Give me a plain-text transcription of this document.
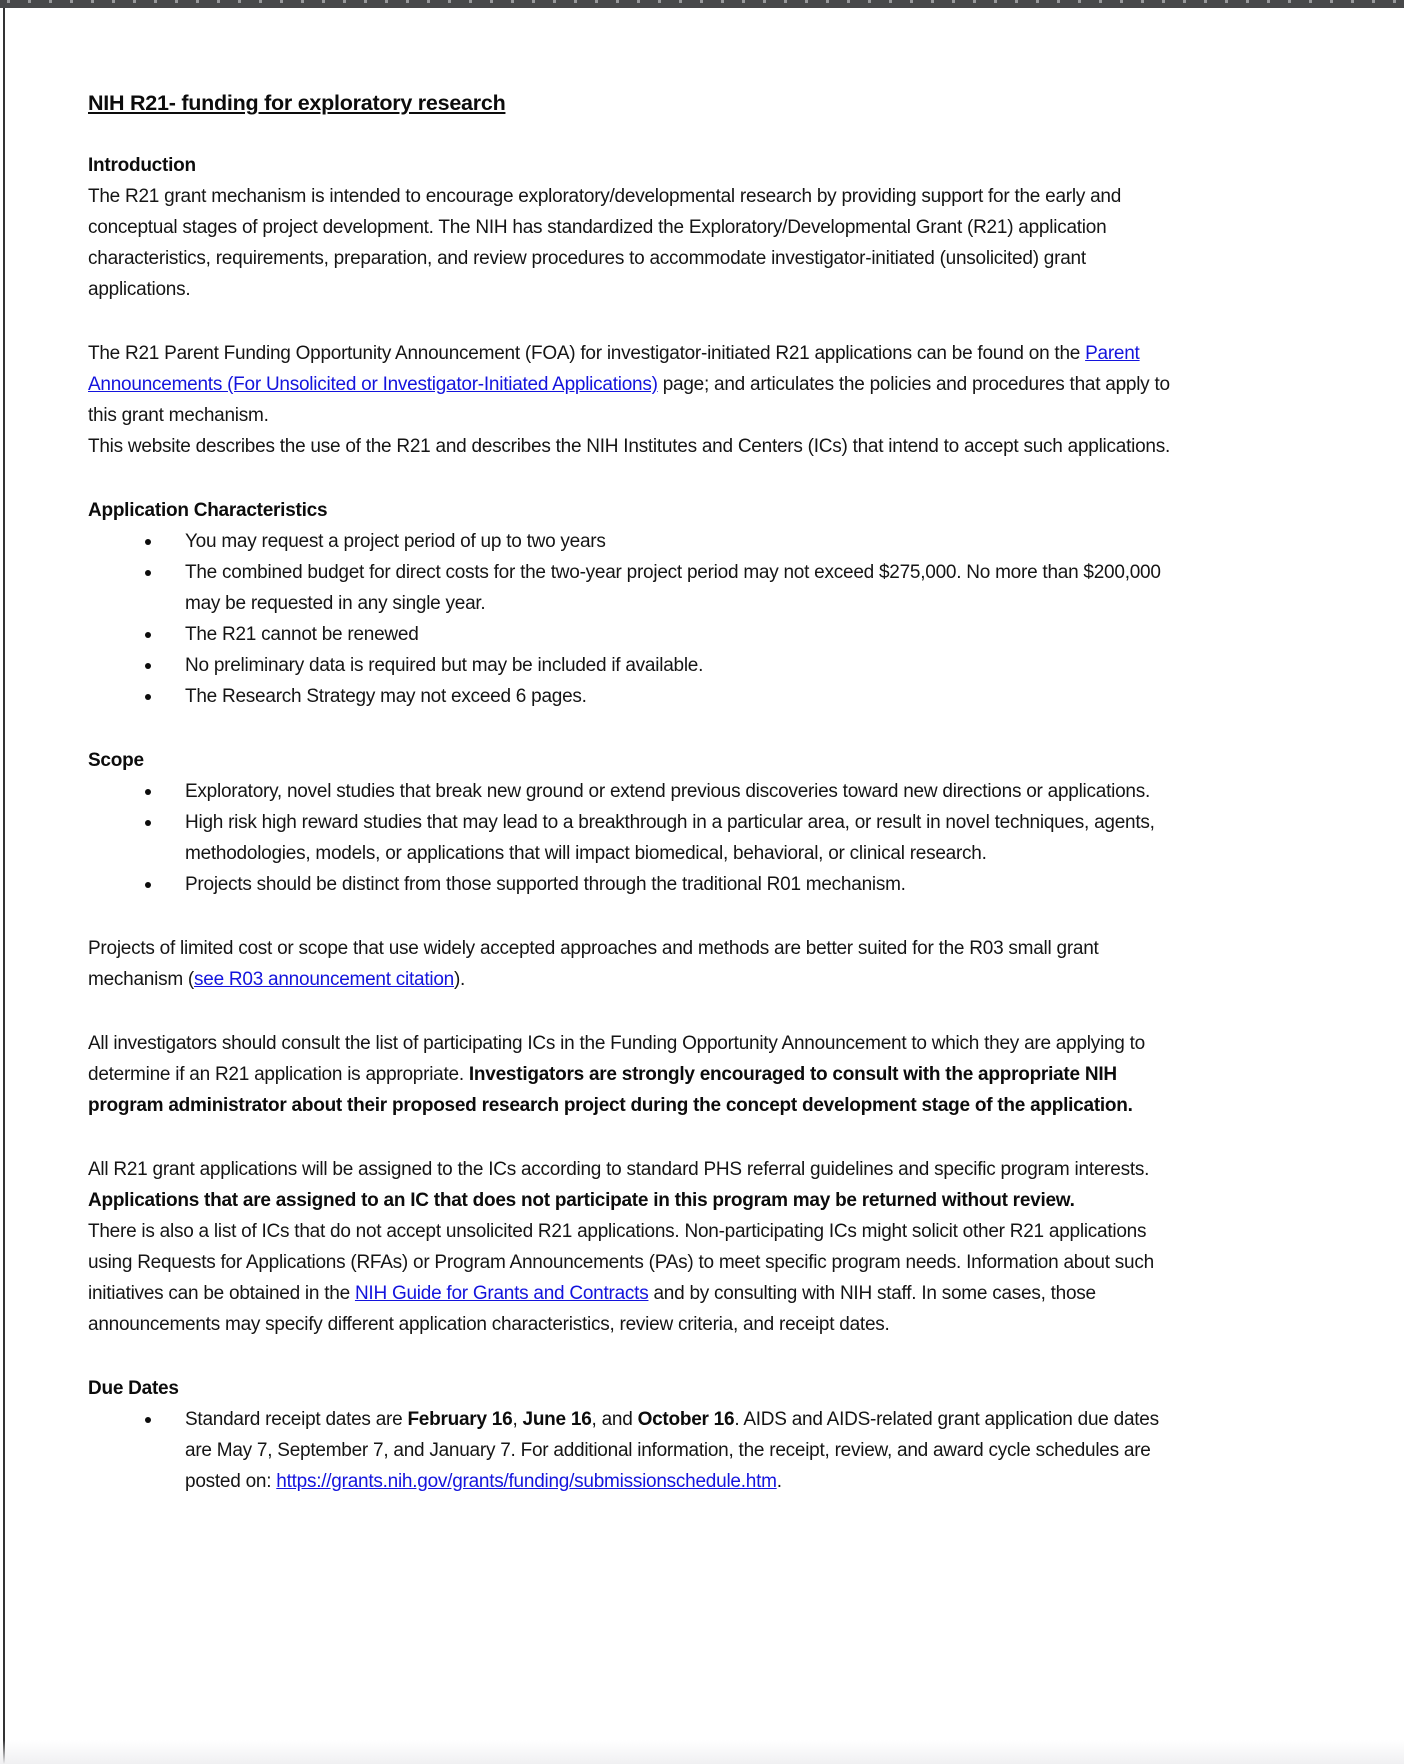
NIH R21- funding for exploratory research
Introduction

The R21 grant mechanism is intended to encourage exploratory/developmental research by providing support for the early and conceptual stages of project development. The NIH has standardized the Exploratory/Developmental Grant (R21) application characteristics, requirements, preparation, and review procedures to accommodate investigator-initiated (unsolicited) grant applications.

The R21 Parent Funding Opportunity Announcement (FOA) for investigator-initiated R21 applications can be found on the Parent Announcements (For Unsolicited or Investigator-Initiated Applications) page; and articulates the policies and procedures that apply to this grant mechanism.

This website describes the use of the R21 and describes the NIH Institutes and Centers (ICs) that intend to accept such applications.

Application Characteristics
You may request a project period of up to two years
The combined budget for direct costs for the two-year project period may not exceed $275,000. No more than $200,000 may be requested in any single year.
The R21 cannot be renewed
No preliminary data is required but may be included if available.
The Research Strategy may not exceed 6 pages.
Scope
Exploratory, novel studies that break new ground or extend previous discoveries toward new directions or applications.
High risk high reward studies that may lead to a breakthrough in a particular area, or result in novel techniques, agents, methodologies, models, or applications that will impact biomedical, behavioral, or clinical research.
Projects should be distinct from those supported through the traditional R01 mechanism.

Projects of limited cost or scope that use widely accepted approaches and methods are better suited for the R03 small grant mechanism (see R03 announcement citation).

All investigators should consult the list of participating ICs in the Funding Opportunity Announcement to which they are applying to determine if an R21 application is appropriate. Investigators are strongly encouraged to consult with the appropriate NIH program administrator about their proposed research project during the concept development stage of the application.

All R21 grant applications will be assigned to the ICs according to standard PHS referral guidelines and specific program interests. Applications that are assigned to an IC that does not participate in this program may be returned without review.

There is also a list of ICs that do not accept unsolicited R21 applications. Non-participating ICs might solicit other R21 applications using Requests for Applications (RFAs) or Program Announcements (PAs) to meet specific program needs. Information about such initiatives can be obtained in the NIH Guide for Grants and Contracts and by consulting with NIH staff. In some cases, those announcements may specify different application characteristics, review criteria, and receipt dates.

Due Dates
Standard receipt dates are February 16, June 16, and October 16. AIDS and AIDS-related grant application due dates are May 7, September 7, and January 7. For additional information, the receipt, review, and award cycle schedules are posted on: https://grants.nih.gov/grants/funding/submissionschedule.htm.
